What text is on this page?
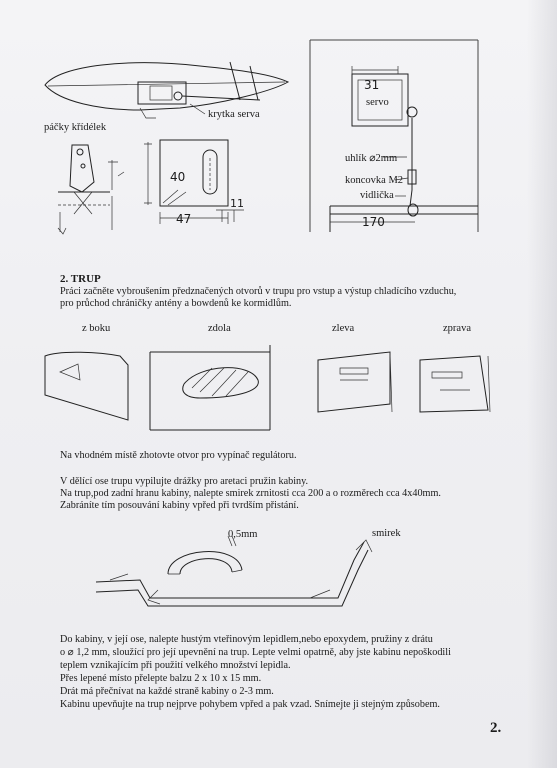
páčky křídélek
krytka serva
40
47
11
31
servo
uhlík ⌀2mm
koncovka M2
vidlička
170
2. TRUP
Práci začněte vybroušením předznačených otvorů v trupu pro vstup a výstup chladícího vzduchu,
pro průchod chráničky antény a bowdenů ke kormidlům.
z boku	zdola	zleva	zprava
Na vhodném místě zhotovte otvor pro vypínač regulátoru.
V dělící ose trupu vypilujte drážky pro aretaci pružin kabiny.
Na trup,pod zadní hranu kabiny, nalepte smirek zrnitosti cca 200 a o rozměrech cca 4x40mm.
Zabráníte tím posouvání kabiny vpřed při tvrdším přistání.
0,5mm	smirek
Do kabiny, v její ose, nalepte hustým vteřinovým lepidlem,nebo epoxydem, pružiny z drátu
o ⌀ 1,2 mm, sloužící pro její upevnění na trup. Lepte velmi opatrně, aby jste kabinu nepoškodili
teplem vznikajícím při použití velkého množství lepidla.
Přes lepené místo přelepte balzu 2 x 10 x 15 mm.
Drát má přečnívat na každé straně kabiny o 2-3 mm.
Kabinu upevňujte na trup nejprve pohybem vpřed a pak vzad. Snímejte ji stejným způsobem.
2.
